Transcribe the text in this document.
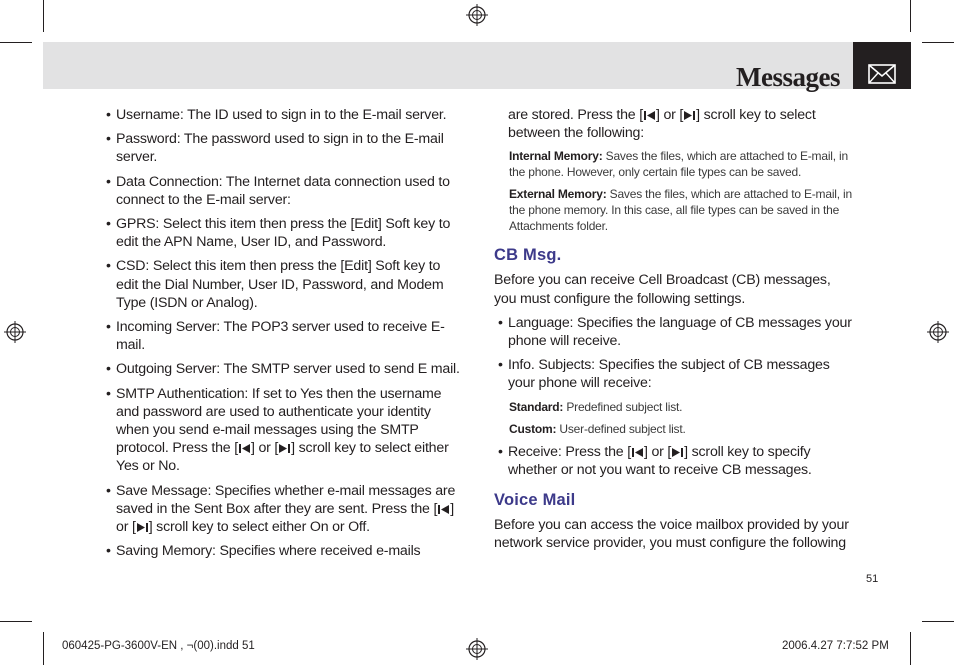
Messages
• Username: The ID used to sign in to the E-mail server.
• Password: The password used to sign in to the E-mail server.
• Data Connection: The Internet data connection used to connect to the E-mail server:
• GPRS: Select this item then press the [Edit] Soft key to edit the APN Name, User ID, and Password.
• CSD: Select this item then press the [Edit] Soft key to edit the Dial Number, User ID, Password, and Modem Type (ISDN or Analog).
• Incoming Server: The POP3 server used to receive E-mail.
• Outgoing Server: The SMTP server used to send E mail.
• SMTP Authentication: If set to Yes then the username and password are used to authenticate your identity when you send e-mail messages using the SMTP protocol. Press the [ ] or [ ] scroll key to select either Yes or No.
• Save Message: Specifies whether e-mail messages are saved in the Sent Box after they are sent. Press the [ ] or [ ] scroll key to select either On or Off.
• Saving Memory: Specifies where received e-mails
are stored. Press the [ ] or [ ] scroll key to select between the following:
Internal Memory: Saves the files, which are attached to E-mail, in the phone. However, only certain file types can be saved.
External Memory: Saves the files, which are attached to E-mail, in the phone memory. In this case, all file types can be saved in the Attachments folder.
CB Msg.
Before you can receive Cell Broadcast (CB) messages, you must configure the following settings.
• Language: Specifies the language of CB messages your phone will receive.
• Info. Subjects: Specifies the subject of CB messages your phone will receive:
Standard: Predefined subject list.
Custom: User-defined subject list.
• Receive: Press the [ ] or [ ] scroll key to specify whether or not you want to receive CB messages.
Voice Mail
Before you can access the voice mailbox provided by your network service provider, you must configure the following
51
060425-PG-3600V-EN , ¬(00).indd 51	2006.4.27 7:7:52 PM
